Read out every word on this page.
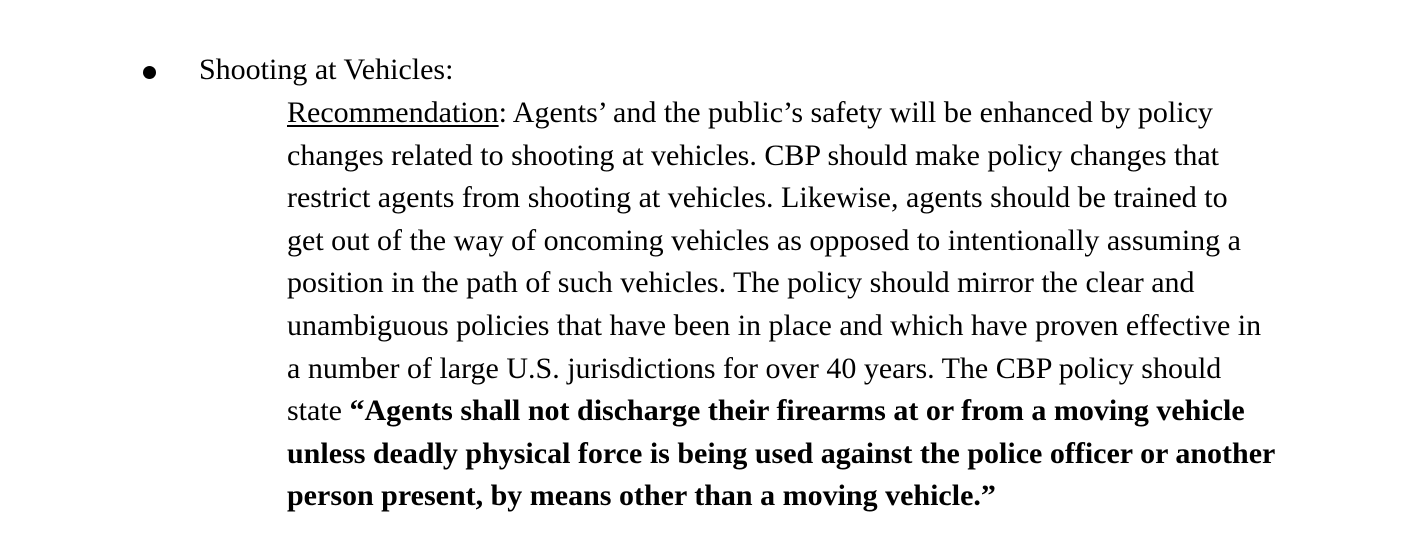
Shooting at Vehicles:
Recommendation: Agents’ and the public’s safety will be enhanced by policy
changes related to shooting at vehicles. CBP should make policy changes that
restrict agents from shooting at vehicles. Likewise, agents should be trained to
get out of the way of oncoming vehicles as opposed to intentionally assuming a
position in the path of such vehicles. The policy should mirror the clear and
unambiguous policies that have been in place and which have proven effective in
a number of large U.S. jurisdictions for over 40 years. The CBP policy should
state “Agents shall not discharge their firearms at or from a moving vehicle
unless deadly physical force is being used against the police officer or another
person present, by means other than a moving vehicle.”
